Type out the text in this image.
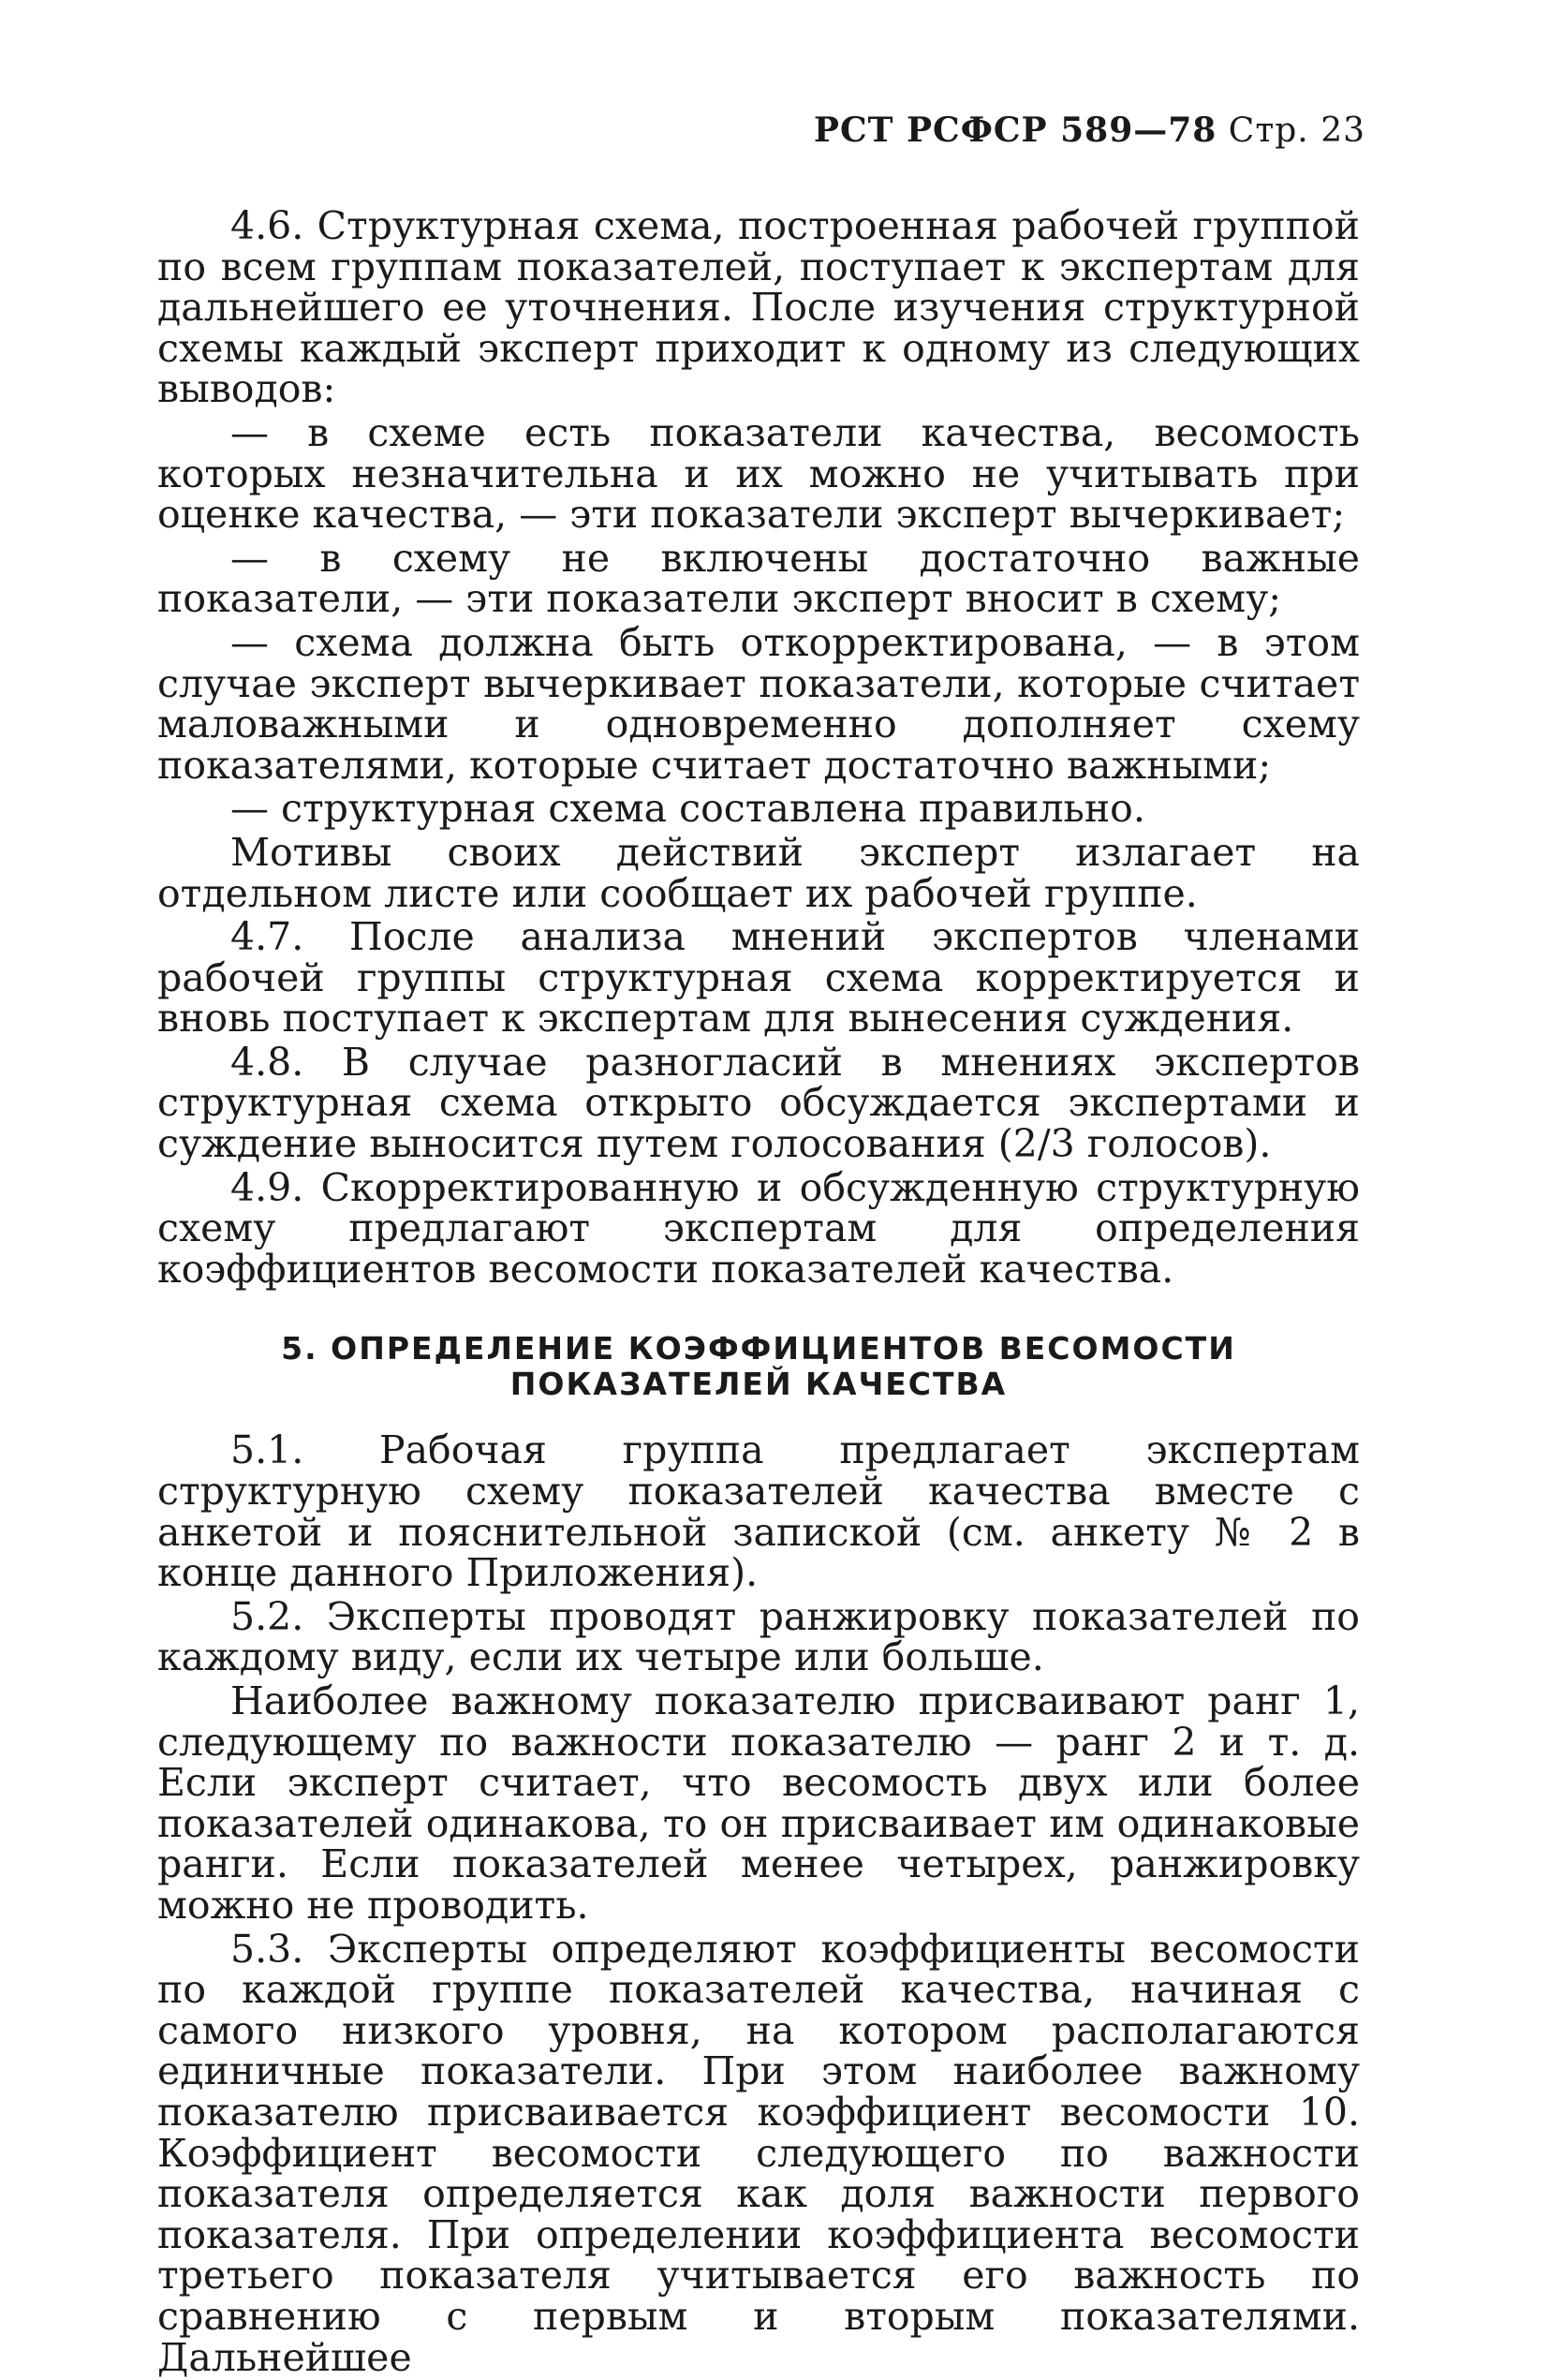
РСТ РСФСР 589—78 Стр. 23

4.6. Структурная схема, построенная рабочей группой по всем группам показателей, поступает к экспертам для дальнейшего ее уточнения. После изучения структурной схемы каждый эксперт приходит к одному из следующих выводов:

— в схеме есть показатели качества, весомость которых незначительна и их можно не учитывать при оценке качества, — эти показатели эксперт вычеркивает;

— в схему не включены достаточно важные показатели, — эти показатели эксперт вносит в схему;

— схема должна быть откорректирована, — в этом случае эксперт вычеркивает показатели, которые считает маловажными и одновременно дополняет схему показателями, которые считает достаточно важными;

— структурная схема составлена правильно.

Мотивы своих действий эксперт излагает на отдельном листе или сообщает их рабочей группе.

4.7. После анализа мнений экспертов членами рабочей группы структурная схема корректируется и вновь поступает к экспертам для вынесения суждения.

4.8. В случае разногласий в мнениях экспертов структурная схема открыто обсуждается экспертами и суждение выносится путем голосования (2/3 голосов).

4.9. Скорректированную и обсужденную структурную схему предлагают экспертам для определения коэффициентов весомости показателей качества.

5. ОПРЕДЕЛЕНИЕ КОЭФФИЦИЕНТОВ ВЕСОМОСТИ ПОКАЗАТЕЛЕЙ КАЧЕСТВА

5.1. Рабочая группа предлагает экспертам структурную схему показателей качества вместе с анкетой и пояснительной запиской (см. анкету № 2 в конце данного Приложения).

5.2. Эксперты проводят ранжировку показателей по каждому виду, если их четыре или больше.

Наиболее важному показателю присваивают ранг 1, следующему по важности показателю — ранг 2 и т. д. Если эксперт считает, что весомость двух или более показателей одинакова, то он присваивает им одинаковые ранги. Если показателей менее четырех, ранжировку можно не проводить.

5.3. Эксперты определяют коэффициенты весомости по каждой группе показателей качества, начиная с самого низкого уровня, на котором располагаются единичные показатели. При этом наиболее важному показателю присваивается коэффициент весомости 10. Коэффициент весомости следующего по важности показателя определяется как доля важности первого показателя. При определении коэффициента весомости третьего показателя учитывается его важность по сравнению с первым и вторым показателями. Дальнейшее
